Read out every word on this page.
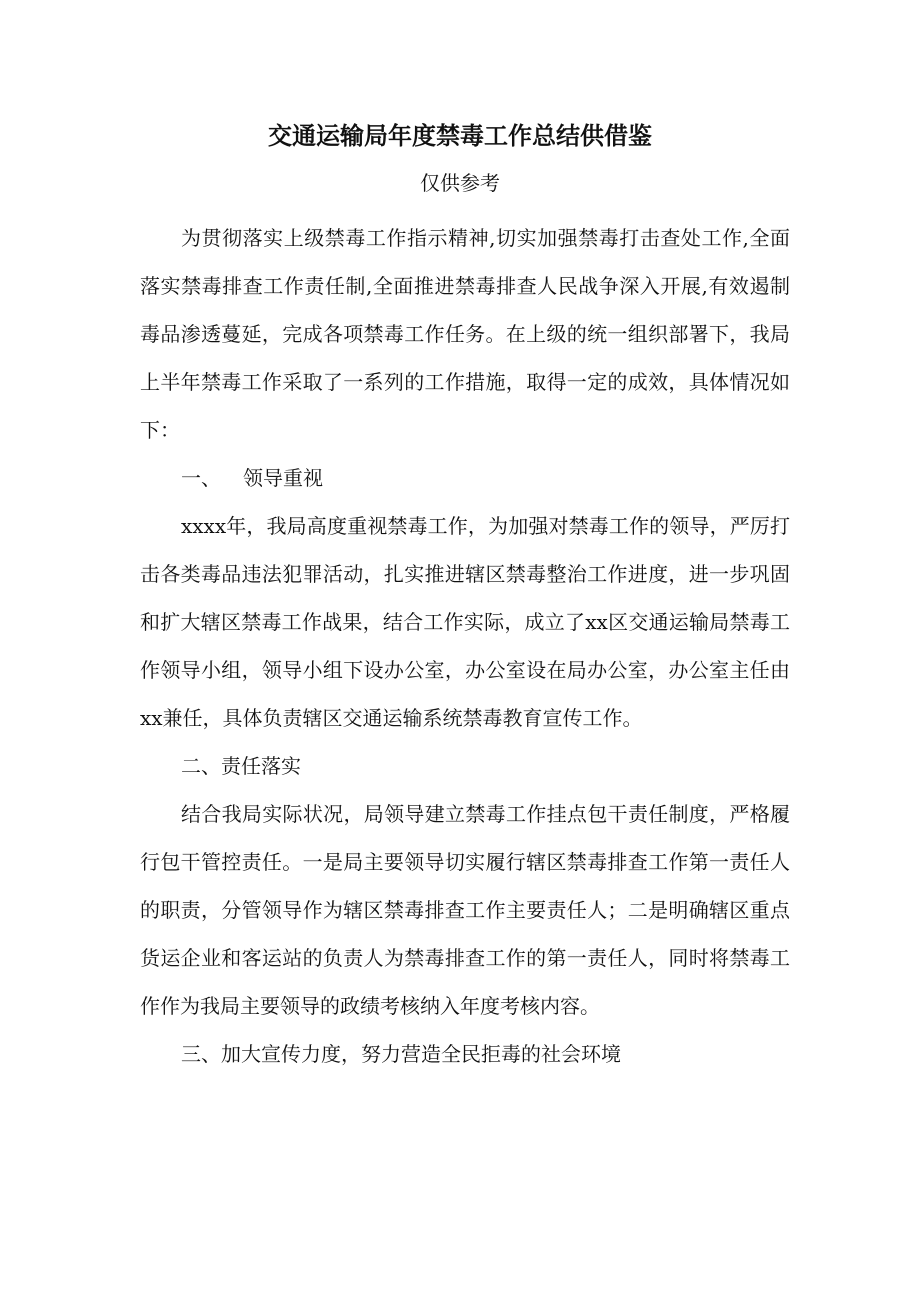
交通运输局年度禁毒工作总结供借鉴
仅供参考

为贯彻落实上级禁毒工作指示精神,切实加强禁毒打击查处工作,全面落实禁毒排查工作责任制,全面推进禁毒排查人民战争深入开展,有效遏制毒品渗透蔓延，完成各项禁毒工作任务。在上级的统一组织部署下，我局上半年禁毒工作采取了一系列的工作措施，取得一定的成效，具体情况如下：

一、 领导重视

xxxx年，我局高度重视禁毒工作，为加强对禁毒工作的领导，严厉打击各类毒品违法犯罪活动，扎实推进辖区禁毒整治工作进度，进一步巩固和扩大辖区禁毒工作战果，结合工作实际，成立了xx区交通运输局禁毒工作领导小组，领导小组下设办公室，办公室设在局办公室，办公室主任由xx兼任，具体负责辖区交通运输系统禁毒教育宣传工作。

二、责任落实

结合我局实际状况，局领导建立禁毒工作挂点包干责任制度，严格履行包干管控责任。一是局主要领导切实履行辖区禁毒排查工作第一责任人的职责，分管领导作为辖区禁毒排查工作主要责任人；二是明确辖区重点货运企业和客运站的负责人为禁毒排查工作的第一责任人，同时将禁毒工作作为我局主要领导的政绩考核纳入年度考核内容。

三、加大宣传力度，努力营造全民拒毒的社会环境
